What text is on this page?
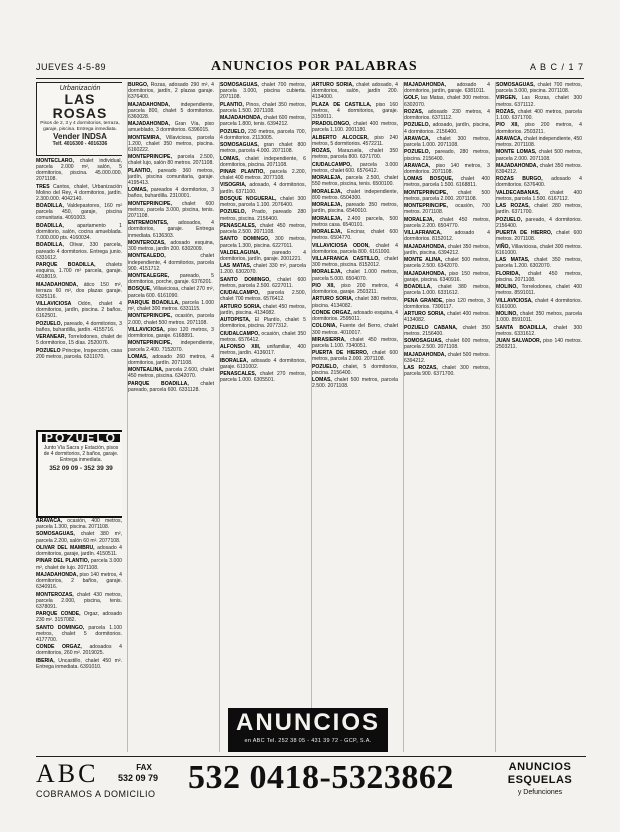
JUEVES 4-5-89	ANUNCIOS POR PALABRAS	A B C / 1 7
Urbanización
LAS ROSAS
Pisos de 2, 3 y 4 dormitorios, terraza, garaje, piscina. Entrega inmediata.
Vender INDSA
Telf. 4016300 - 4016336

MONTECLARO, chalet individual, parcela 2.000 m², salón, 5 dormitorios, piscina. 45.000.000. 2071108.

TRES Cantos, chalet, Urbanización Molino del Rey, 4 dormitorios, jardín. 2.300.000. 4042140.

BOADILLA, Valdepastores, 160 m² parcela 450, garaje, piscina comunitaria. 4091003.

BOADILLA, apartamento 1 dormitorio, salón, cocina amueblada. 7.000.000 pts. 4160034.

BOADILLA, Olivar, 330 parcela, pareado 4 dormitorios. Entrega junio. 6331612.

PARQUE BOADILLA, chalets esquina, 1.700 m² parcela, garaje. 4018019.

MAJADAHONDA, ático 150 m², terraza 60 m², dos plazas garaje. 6325116.

VILLAVICIOSA Odón, chalet 4 dormitorios, jardín, piscina. 2 baños. 6162501.

POZUELO, pareado, 4 dormitorios, 3 baños, buhardilla, jardín. 4155716.

VERANEAR, Torrelodones, chalet de 5 dormitorios, 15 días. 2520076.

POZUELO Principe, Inspección, casa 200 metros, parcela. 6311070.

POZUELO
Junto Vía Sacra y Estación, pisos de 4 dormitorios, 2 baños, garaje. Entrega inmediata.
352 09 09 - 352 39 39

ARAVACA, ocasión, 400 metros, parcela 1.300, piscina. 2071108.

SOMOSAGUAS, chalet 380 m², parcela 2.200, salón 60 m². 2077108.

OLIVAR DEL MAMBRU, adosado 4 dormitorios, garaje, jardín. 4150511.

PINAR DEL PLANTIO, parcela 3.000 m², chalet de lujo. 2071108.

MAJADAHONDA, piso 140 metros, 4 dormitorios, 2 baños, garaje. 6340916.

MONTEROZAS, chalet 430 metros, parcela 2.000, piscina, tenis. 6378091.

PARQUE CONDE, Orgaz, adosado 230 m². 3157082.

SANTO DOMINGO, parcela 1.100 metros, chalet 5 dormitorios. 4177700.

CONDE ORGAZ, adosados 4 dormitorios, 260 m². 2019025.

IBERIA, Uncastillo, chalet 450 m². Entrega inmediata. 6391010.

BURGO, Rozas, adosado 290 m², 4 dormitorios, jardín, 2 plazas garaje. 6376400.

MAJADAHONDA, independiente, parcela 800, chalet 5 dormitorios. 6360028.

MAJADAHONDA, Gran Vía, piso amueblado, 3 dormitorios. 6396015.

MONTEMIRA, Villaviciosa, parcela 1.200, chalet 350 metros, piscina. 6160222.

MONTEPRINCIPE, parcela 2.500, chalet lujo, salón 80 metros. 2071108.

PLANTIO, pareado 360 metros, jardín, piscina comunitaria, garaje. 4195413.

LOMAS, pareados 4 dormitorios, 3 baños, buhardilla. 2310001.

MONTEPRINCIPE, chalet 600 metros, parcela 3.000, piscina, tenis. 2071108.

ENTREMONTES, adosados, 4 dormitorios, garaje. Entrega inmediata. 6136303.

MONTEROZAS, adosado esquina, 300 metros, jardín 200. 6302009.

MONTEALEDO, chalet independiente, 4 dormitorios, parcela 900. 4151712.

MONTEALEGRE, pareado, 5 dormitorios, porche, garaje. 6376201.

BOSQUE, Villaviciosa, chalet 270 m², parcela 600. 6161090.

PARQUE BOADILLA, parcela 1.000 m², chalet 300 metros. 6331115.

MONTEPRINCIPE, ocasión, parcela 2.000, chalet 500 metros. 2071108.

VILLAVICIOSA, piso 120 metros, 3 dormitorios, garaje. 6168891.

MONTEPRINCIPE, independiente, parcela 2.400. 7152070.

LOMAS, adosado 260 metros, 4 dormitorios, jardín. 2071108.

MONTEALINA, parcela 2.600, chalet 450 metros, piscina. 6342070.

PARQUE BOADILLA, chalet pareado, parcela 600. 6331128.

SOMOSAGUAS, chalet 700 metros, parcela 3.000, piscina cubierta. 2071108.

PLANTIO, Pinos, chalet 350 metros, parcela 1.500. 2071108.

MAJADAHONDA, chalet 600 metros, parcela 1.800, tenis. 6394212.

POZUELO, 230 metros, parcela 700, 4 dormitorios. 2113005.

SOMOSAGUAS, gran chalet 800 metros, parcela 4.000. 2071108.

LOMAS, chalet independiente, 6 dormitorios, piscina. 2071108.

PINAR PLANTIO, parcela 2.200, chalet 400 metros. 2077108.

VISOGRIA, adosado, 4 dormitorios, jardín. 6371100.

BOSQUE NOGUERAL, chalet 300 metros, parcela 1.100. 2076400.

POZUELO, Prado, pareado 280 metros, piscina. 2156400.

PENASCALES, chalet 450 metros, parcela 2.500. 2071108.

SANTO DOMINGO, 300 metros, parcela 1.300, piscina. 6227011.

VALDELAGUNA, pareado 4 dormitorios, jardín, garaje. 2001221.

LAS MATAS, chalet 330 m², parcela 1.200. 6302070.

SANTO DOMINGO, chalet 600 metros, parcela 2.500. 6227011.

CIUDALCAMPO, parcela 2.500, chalet 700 metros. 6576412.

ARTURO SORIA, chalet 450 metros, jardín, piscina. 4134082.

AUTOPISTA, El Plantío, chalet 5 dormitorios, piscina. 2077312.

CIUDALCAMPO, ocasión, chalet 350 metros. 6576412.

ALFONSO XIII, unifamiliar, 400 metros, jardín. 4136017.

IBORALEA, adosado 4 dormitorios, garaje. 6131002.

PENASCALES, chalet 270 metros, parcela 1.000. 6305501.

ARTURO SORIA, chalet adosado, 4 dormitorios, salón, jardín 200. 4134000.

PLAZA DE CASTILLA, piso 160 metros, 4 dormitorios, garaje. 3150011.

PRADOLONGO, chalet 400 metros, parcela 1.100. 2001180.

ALBERTO ALCOCER, piso 240 metros, 5 dormitorios. 4572211.

ROZAS, Marazuela, chalet 350 metros, parcela 800. 6371700.

CIUDALCAMPO, parcela 3.000 metros, chalet 600. 6576412.

MORALEJA, parcela 2.500, chalet 550 metros, piscina, tenis. 6500100.

MORALEJA, chalet independiente, 800 metros. 6504300.

MORALEJA, pareado 350 metros, jardín, piscina. 6540010.

MORALEJA, 2.400 parcela, 500 metros casa. 6540101.

MORALEJA, Encinar, chalet 600 metros. 6504770.

VILLAVICIOSA ODON, chalet 4 dormitorios, parcela 800. 6161000.

VILLAFRANCA CASTILLO, chalet 300 metros, piscina. 8152012.

MORALEJA, chalet 1.000 metros, parcela 5.000. 6504070.

PIO XII, piso 200 metros, 4 dormitorios, garaje. 2503211.

ARTURO SORIA, chalet 380 metros, piscina. 4134082.

CONDE ORGAZ, adosado esquina, 4 dormitorios. 2595011.

COLONIA, Fuente del Berro, chalet 300 metros. 4010017.

MIRASIERRA, chalet 450 metros, parcela 1.100. 7340051.

PUERTA DE HIERRO, chalet 600 metros, parcela 2.000. 2071108.

POZUELO, chalet, 5 dormitorios, piscina. 2156400.

LOMAS, chalet 500 metros, parcela 2.500. 2071108.

MAJADAHONDA, adosado 4 dormitorios, jardín, garaje. 6381011.

GOLF, las Matas, chalet 300 metros. 6302070.

ROZAS, adosado 230 metros, 4 dormitorios. 6371112.

POZUELO, adosado, jardín, piscina, 4 dormitorios. 2156400.

ARAVACA, chalet 300 metros, parcela 1.000. 2071108.

POZUELO, pareado, 280 metros, piscina. 2156400.

ARAVACA, piso 140 metros, 3 dormitorios. 2071108.

LOMAS BOSQUE, chalet 400 metros, parcela 1.500. 6168811.

MONTEPRINCIPE, chalet 500 metros, parcela 2.000. 2071108.

MONTEPRINCIPE, ocasión, 700 metros. 2071108.

MORALEJA, chalet 450 metros, parcela 2.200. 6504770.

VILLAFRANCA, adosado 4 dormitorios. 8152012.

MAJADAHONDA, chalet 350 metros, jardín, piscina. 6394212.

MONTE ALINA, chalet 500 metros, parcela 2.500. 6342070.

MAJADAHONDA, piso 150 metros, garaje, piscina. 6340916.

BOADILLA, chalet 380 metros, parcela 1.000. 6331612.

PENA GRANDE, piso 120 metros, 3 dormitorios. 7300117.

ARTURO SORIA, chalet 400 metros. 4134082.

POZUELO CABANA, chalet 350 metros. 2156400.

SOMOSAGUAS, chalet 600 metros, parcela 2.500. 2071108.

MAJADAHONDA, chalet 500 metros. 6394212.

LAS ROZAS, chalet 300 metros, parcela 900. 6371700.

SOMOSAGUAS, chalet 700 metros, parcela 3.000, piscina. 2071108.

VIRGEN, Las Rozas, chalet 300 metros. 6371112.

ROZAS, chalet 400 metros, parcela 1.100. 6371700.

PIO XII, piso 200 metros, 4 dormitorios. 2503211.

ARAVACA, chalet independiente, 450 metros. 2071108.

MONTE LOMAS, chalet 500 metros, parcela 2.000. 2071108.

MAJADAHONDA, chalet 350 metros. 6394212.

ROZAS BURGO, adosado 4 dormitorios. 6376400.

VALDECABANAS, chalet 400 metros, parcela 1.500. 6167112.

LAS ROZAS, chalet 280 metros, jardín. 6371700.

POZUELO, pareado, 4 dormitorios. 2156400.

PUERTA DE HIERRO, chalet 600 metros. 2071108.

VIÑO, Villaviciosa, chalet 300 metros. 6161000.

LAS MATAS, chalet 350 metros, parcela 1.200. 6302070.

FLORIDA, chalet 450 metros, piscina. 2071108.

MOLINO, Torrelodones, chalet 400 metros. 8591011.

VILLAVICIOSA, chalet 4 dormitorios. 6161000.

MOLINO, chalet 350 metros, parcela 1.000. 8591011.

SANTA BOADILLA, chalet 300 metros. 6331612.

JUAN SALVADOR, piso 140 metros. 2503211.

ANUNCIOS
en ABC Tel. 252 38 05 - 431 39 72 - GCP, S.A.
ABC
COBRAMOS A DOMICILIO
FAX
532 09 79 532 0418-5323862	ANUNCIOS
ESQUELAS
y Defunciones
